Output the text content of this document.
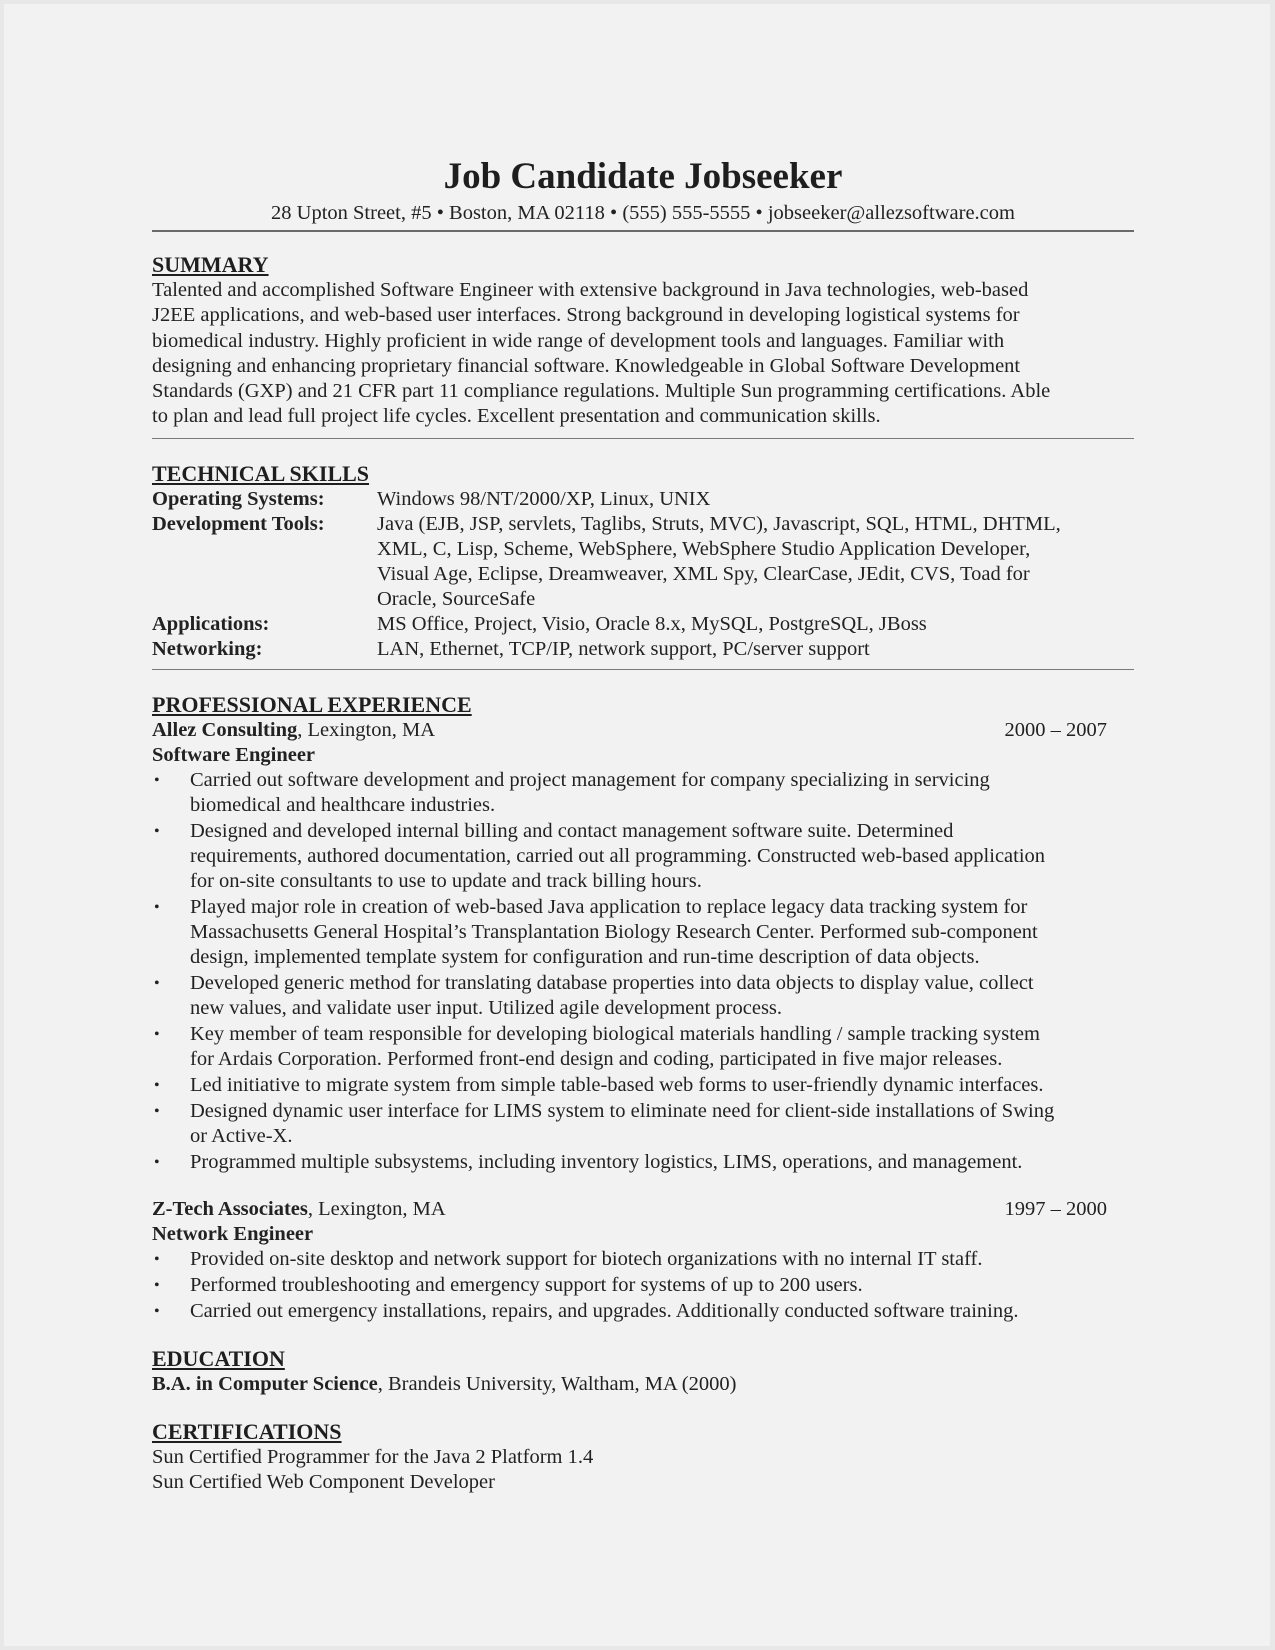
Job Candidate Jobseeker

28 Upton Street, #5 • Boston, MA 02118 • (555) 555-5555 • jobseeker@allezsoftware.com

SUMMARY
Talented and accomplished Software Engineer with extensive background in Java technologies, web-based
J2EE applications, and web-based user interfaces. Strong background in developing logistical systems for
biomedical industry. Highly proficient in wide range of development tools and languages. Familiar with
designing and enhancing proprietary financial software. Knowledgeable in Global Software Development
Standards (GXP) and 21 CFR part 11 compliance regulations. Multiple Sun programming certifications. Able
to plan and lead full project life cycles. Excellent presentation and communication skills.
TECHNICAL SKILLS
Operating Systems:	Windows 98/NT/2000/XP, Linux, UNIX
Development Tools:	Java (EJB, JSP, servlets, Taglibs, Struts, MVC), Javascript, SQL, HTML, DHTML,
XML, C, Lisp, Scheme, WebSphere, WebSphere Studio Application Developer,
Visual Age, Eclipse, Dreamweaver, XML Spy, ClearCase, JEdit, CVS, Toad for
Oracle, SourceSafe
Applications:	MS Office, Project, Visio, Oracle 8.x, MySQL, PostgreSQL, JBoss
Networking:	LAN, Ethernet, TCP/IP, network support, PC/server support
PROFESSIONAL EXPERIENCE
Allez Consulting, Lexington, MA	2000 – 2007
Software Engineer
• Carried out software development and project management for company specializing in servicing
biomedical and healthcare industries.
• Designed and developed internal billing and contact management software suite. Determined
requirements, authored documentation, carried out all programming. Constructed web-based application
for on-site consultants to use to update and track billing hours.
• Played major role in creation of web-based Java application to replace legacy data tracking system for
Massachusetts General Hospital’s Transplantation Biology Research Center. Performed sub-component
design, implemented template system for configuration and run-time description of data objects.
• Developed generic method for translating database properties into data objects to display value, collect
new values, and validate user input. Utilized agile development process.
• Key member of team responsible for developing biological materials handling / sample tracking system
for Ardais Corporation. Performed front-end design and coding, participated in five major releases.
• Led initiative to migrate system from simple table-based web forms to user-friendly dynamic interfaces.
• Designed dynamic user interface for LIMS system to eliminate need for client-side installations of Swing
or Active-X.
• Programmed multiple subsystems, including inventory logistics, LIMS, operations, and management.
Z-Tech Associates, Lexington, MA	1997 – 2000
Network Engineer
• Provided on-site desktop and network support for biotech organizations with no internal IT staff.
• Performed troubleshooting and emergency support for systems of up to 200 users.
• Carried out emergency installations, repairs, and upgrades. Additionally conducted software training.
EDUCATION
B.A. in Computer Science, Brandeis University, Waltham, MA (2000)
CERTIFICATIONS
Sun Certified Programmer for the Java 2 Platform 1.4
Sun Certified Web Component Developer
